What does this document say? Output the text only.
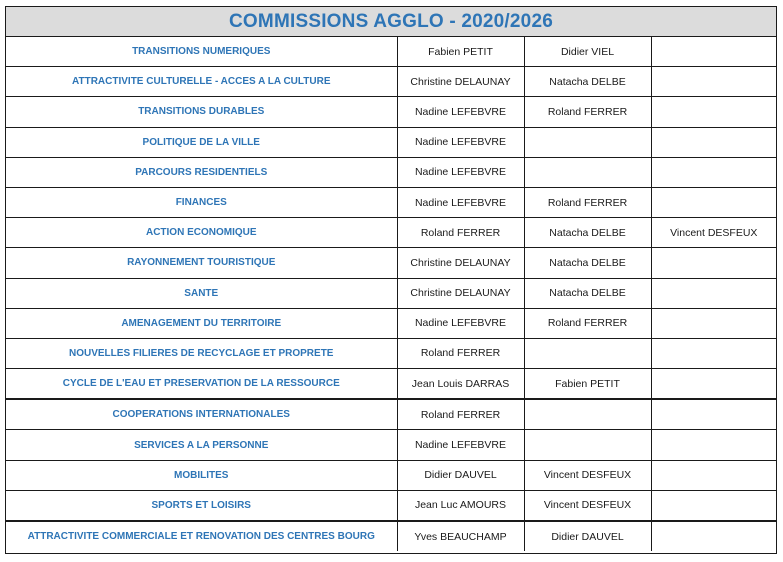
COMMISSIONS AGGLO - 2020/2026
TRANSITIONS NUMERIQUES	Fabien PETIT	Didier VIEL	
ATTRACTIVITE CULTURELLE - ACCES A LA CULTURE	Christine DELAUNAY	Natacha DELBE	
TRANSITIONS DURABLES	Nadine LEFEBVRE	Roland FERRER	
POLITIQUE DE LA VILLE	Nadine LEFEBVRE		
PARCOURS RESIDENTIELS	Nadine LEFEBVRE		
FINANCES	Nadine LEFEBVRE	Roland FERRER	
ACTION ECONOMIQUE	Roland FERRER	Natacha DELBE	Vincent DESFEUX
RAYONNEMENT TOURISTIQUE	Christine DELAUNAY	Natacha DELBE	
SANTE	Christine DELAUNAY	Natacha DELBE	
AMENAGEMENT DU TERRITOIRE	Nadine LEFEBVRE	Roland FERRER	
NOUVELLES FILIERES DE RECYCLAGE ET PROPRETE	Roland FERRER		
CYCLE DE L'EAU ET PRESERVATION DE LA RESSOURCE	Jean Louis DARRAS	Fabien PETIT	
COOPERATIONS INTERNATIONALES	Roland FERRER		
SERVICES A LA PERSONNE	Nadine LEFEBVRE		
MOBILITES	Didier DAUVEL	Vincent DESFEUX	
SPORTS ET LOISIRS	Jean Luc AMOURS	Vincent DESFEUX	
ATTRACTIVITE COMMERCIALE ET RENOVATION DES CENTRES BOURG	Yves BEAUCHAMP	Didier DAUVEL	
